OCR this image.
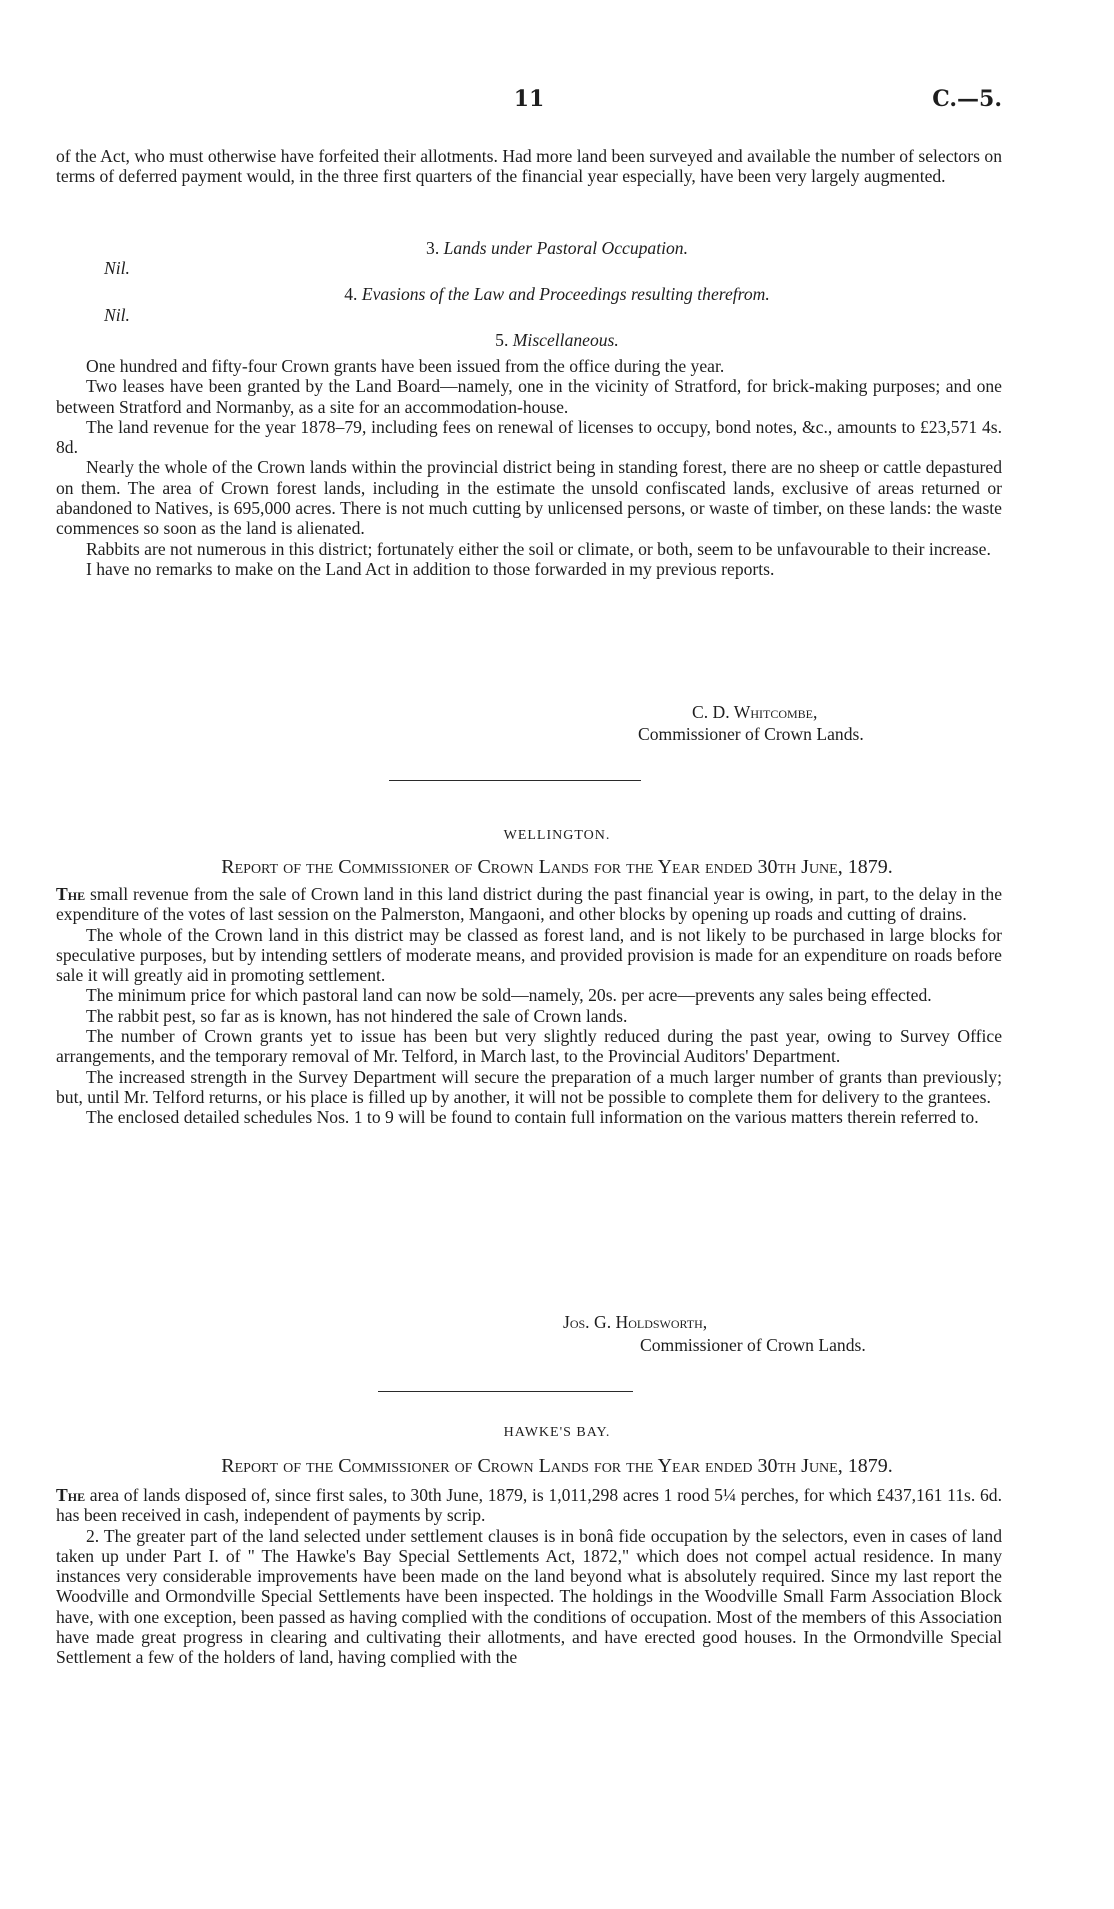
11	C.—5.

of the Act, who must otherwise have forfeited their allotments. Had more land been surveyed and available the number of selectors on terms of deferred payment would, in the three first quarters of the financial year especially, have been very largely augmented.

3. Lands under Pastoral Occupation.
Nil.
4. Evasions of the Law and Proceedings resulting therefrom.
Nil.
5. Miscellaneous.

One hundred and fifty-four Crown grants have been issued from the office during the year.

Two leases have been granted by the Land Board—namely, one in the vicinity of Stratford, for brick-making purposes; and one between Stratford and Normanby, as a site for an accommodation-house.

The land revenue for the year 1878–79, including fees on renewal of licenses to occupy, bond notes, &c., amounts to £23,571 4s. 8d.

Nearly the whole of the Crown lands within the provincial district being in standing forest, there are no sheep or cattle depastured on them. The area of Crown forest lands, including in the estimate the unsold confiscated lands, exclusive of areas returned or abandoned to Natives, is 695,000 acres. There is not much cutting by unlicensed persons, or waste of timber, on these lands: the waste commences so soon as the land is alienated.

Rabbits are not numerous in this district; fortunately either the soil or climate, or both, seem to be unfavourable to their increase.

I have no remarks to make on the Land Act in addition to those forwarded in my previous reports.

C. D. Whitcombe,
Commissioner of Crown Lands.
WELLINGTON.
Report of the Commissioner of Crown Lands for the Year ended 30th June, 1879.

The small revenue from the sale of Crown land in this land district during the past financial year is owing, in part, to the delay in the expenditure of the votes of last session on the Palmerston, Mangaoni, and other blocks by opening up roads and cutting of drains.

The whole of the Crown land in this district may be classed as forest land, and is not likely to be purchased in large blocks for speculative purposes, but by intending settlers of moderate means, and provided provision is made for an expenditure on roads before sale it will greatly aid in promoting settlement.

The minimum price for which pastoral land can now be sold—namely, 20s. per acre—prevents any sales being effected.

The rabbit pest, so far as is known, has not hindered the sale of Crown lands.

The number of Crown grants yet to issue has been but very slightly reduced during the past year, owing to Survey Office arrangements, and the temporary removal of Mr. Telford, in March last, to the Provincial Auditors' Department.

The increased strength in the Survey Department will secure the preparation of a much larger number of grants than previously; but, until Mr. Telford returns, or his place is filled up by another, it will not be possible to complete them for delivery to the grantees.

The enclosed detailed schedules Nos. 1 to 9 will be found to contain full information on the various matters therein referred to.

Jos. G. Holdsworth,
Commissioner of Crown Lands.
HAWKE'S BAY.
Report of the Commissioner of Crown Lands for the Year ended 30th June, 1879.

The area of lands disposed of, since first sales, to 30th June, 1879, is 1,011,298 acres 1 rood 5¼ perches, for which £437,161 11s. 6d. has been received in cash, independent of payments by scrip.

2. The greater part of the land selected under settlement clauses is in bonâ fide occupation by the selectors, even in cases of land taken up under Part I. of " The Hawke's Bay Special Settlements Act, 1872," which does not compel actual residence. In many instances very considerable improvements have been made on the land beyond what is absolutely required. Since my last report the Woodville and Ormondville Special Settlements have been inspected. The holdings in the Woodville Small Farm Association Block have, with one exception, been passed as having complied with the conditions of occupation. Most of the members of this Association have made great progress in clearing and cultivating their allotments, and have erected good houses. In the Ormondville Special Settlement a few of the holders of land, having complied with the
